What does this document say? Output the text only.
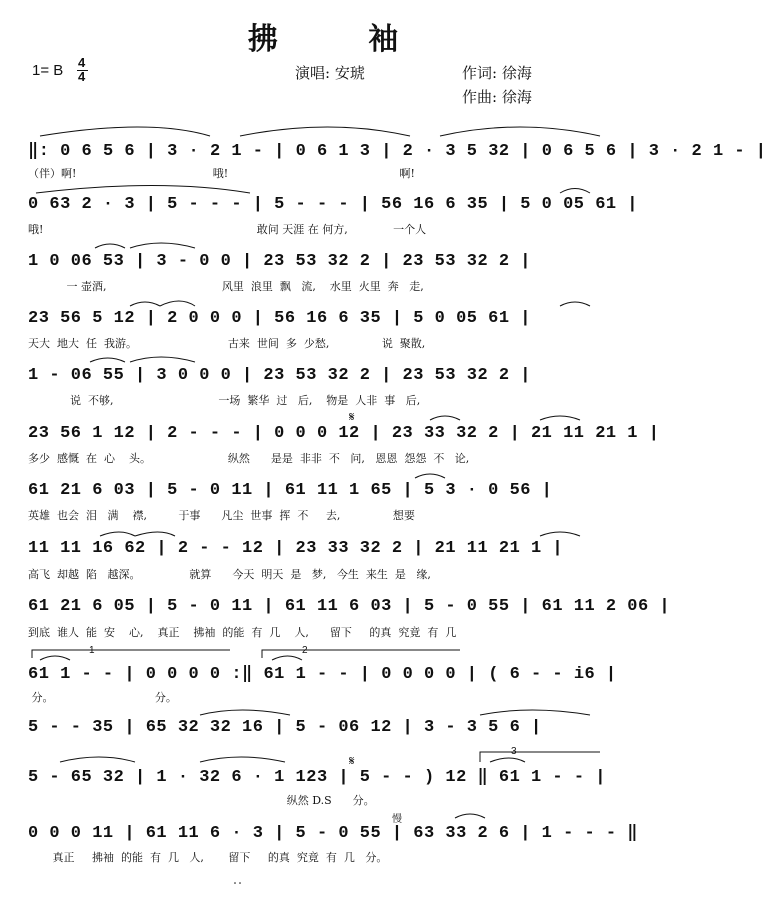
拂 袖
1= B 4
4	演唱: 安琥	作词: 徐海
作曲: 徐海
‖: 0 6 5 6 | 3 · 2 1 - | 0 6 1 3 | 2 · 3 5 32 | 0 6 5 6 | 3 · 2 1 - |
（伴）啊!                                       哦!                                                 啊!
0 63 2 · 3 | 5 - - - | 5 - - - | 56 16 6 35 | 5 0 05 61 |
哦!                                                             敢问 天涯 在 何方,             一个人
1 0 06 53 | 3 - 0 0 | 23 53 32 2 | 23 53 32 2 |
一 壶酒,                                 风里  浪里  飘   流,    水里  火里  奔   走,
23 56 5 12 | 2 0 0 0 | 56 16 6 35 | 5 0 05 61 |
天大  地大  任  我游。                          古来  世间  多  少愁,               说  聚散,
1 - 06 55 | 3 0 0 0 | 23 53 32 2 | 23 53 32 2 |
说  不够,                              一场  繁华  过   后,    物是  人非  事   后,
23 56 1 12 | 2 - - - | 0 0 0 12 | 23 33 32 2 | 21 11 21 1 |
多少  感慨  在  心    头。                      纵然      是是  非非  不   问,   恩恩  怨怨  不   论,
61 21 6 03 | 5 - 0 11 | 61 11 1 65 | 5 3 · 0 56 |
英雄  也会  泪   满    襟,         于事      凡尘  世事  挥  不     去,               想要
11 11 16 62 | 2 - - 12 | 23 33 32 2 | 21 11 21 1 |
高飞  却越  陷   越深。              就算      今天  明天  是   梦,   今生  来生  是   缘,
61 21 6 05 | 5 - 0 11 | 61 11 6 03 | 5 - 0 55 | 61 11 2 06 |
到底  谁人  能  安    心,    真正    拂袖  的能  有  几    人,      留下     的真  究竟  有  几
61 1 - - | 0 0 0 0 :‖ 61 1 - - | 0 0 0 0 | ( 6 - - i6 |
分。                             分。
5 - - 35 | 65 32 32 16 | 5 - 06 12 | 3 - 3 5 6 |
5 - 65 32 | 1 · 32 6 · 1 123 | 5 - - ) 12 ‖ 61 1 - - |
纵然 D.S      分。
0 0 0 11 | 61 11 6 · 3 | 5 - 0 55 | 63 33 2 6 | 1 - - - ‖
真正     拂袖  的能  有  几   人,       留下     的真  究竟  有  几   分。
1	2
3
慢
𝄋
𝄋
